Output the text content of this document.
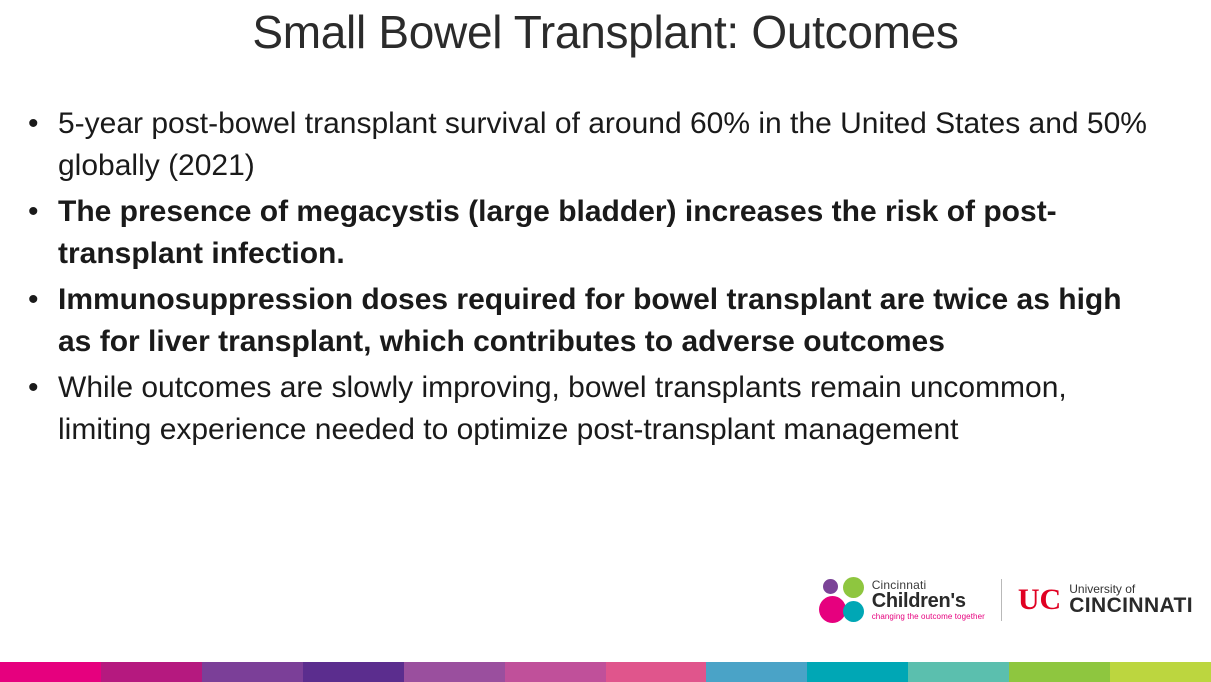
Small Bowel Transplant: Outcomes
• 5-year post-bowel transplant survival of around 60% in the United States and 50% globally (2021)
• The presence of megacystis (large bladder) increases the risk of post-transplant infection.
• Immunosuppression doses required for bowel transplant are twice as high as for liver transplant, which contributes to adverse outcomes
• While outcomes are slowly improving, bowel transplants remain uncommon, limiting experience needed to optimize post-transplant management
Cincinnati
Children's
changing the outcome together
UC University of
CINCINNATI
